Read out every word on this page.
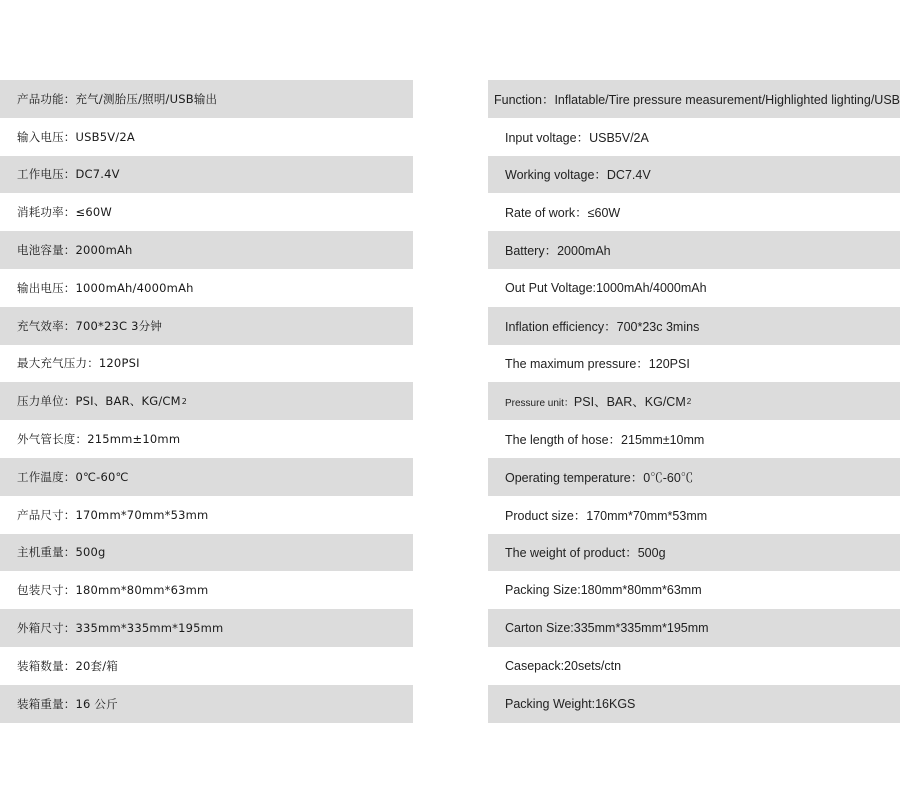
产品功能：充气/测胎压/照明/USB输出
输入电压：USB5V/2A
工作电压：DC7.4V
消耗功率：≤60W
电池容量：2000mAh
输出电压：1000mAh/4000mAh
充气效率：700*23C 3分钟
最大充气压力：120PSI
压力单位：PSI、BAR、KG/CM 2
外气管长度：215mm±10mm
工作温度：0℃-60℃
产品尺寸：170mm*70mm*53mm
主机重量：500g
包装尺寸：180mm*80mm*63mm
外箱尺寸：335mm*335mm*195mm
装箱数量：20套/箱
装箱重量：16 公斤
Function：Inflatable/Tire pressure measurement/Highlighted lighting/USB
Input voltage：USB5V/2A
Working voltage：DC7.4V
Rate of work：≤60W
Battery：2000mAh
Out Put Voltage:1000mAh/4000mAh
Inflation efficiency：700*23c 3mins
The maximum pressure：120PSI
Pressure unit： PSI、BAR、KG/CM 2
The length of hose：215mm±10mm
Operating temperature：0℃-60℃
Product size：170mm*70mm*53mm
The weight of product：500g
Packing Size:180mm*80mm*63mm
Carton Size:335mm*335mm*195mm
Casepack:20sets/ctn
Packing Weight:16KGS
